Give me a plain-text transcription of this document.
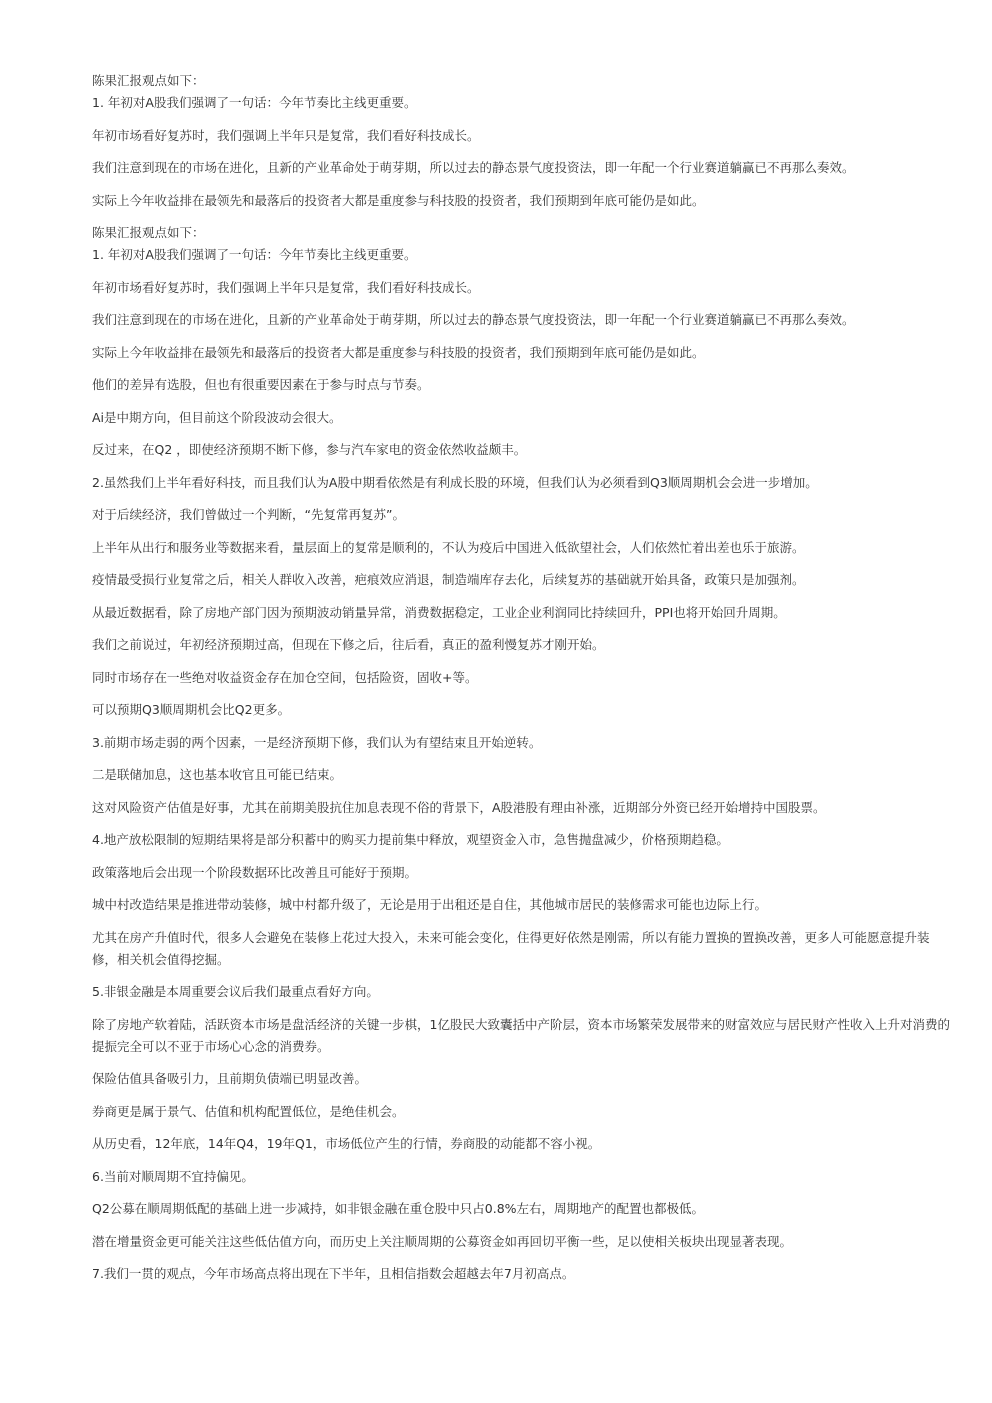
陈果汇报观点如下：

1. 年初对A股我们强调了一句话：今年节奏比主线更重要。

年初市场看好复苏时，我们强调上半年只是复常，我们看好科技成长。

我们注意到现在的市场在进化，且新的产业革命处于萌芽期，所以过去的静态景气度投资法，即一年配一个行业赛道躺赢已不再那么奏效。

实际上今年收益排在最领先和最落后的投资者大都是重度参与科技股的投资者，我们预期到年底可能仍是如此。

陈果汇报观点如下：

1. 年初对A股我们强调了一句话：今年节奏比主线更重要。

年初市场看好复苏时，我们强调上半年只是复常，我们看好科技成长。

我们注意到现在的市场在进化，且新的产业革命处于萌芽期，所以过去的静态景气度投资法，即一年配一个行业赛道躺赢已不再那么奏效。

实际上今年收益排在最领先和最落后的投资者大都是重度参与科技股的投资者，我们预期到年底可能仍是如此。

他们的差异有选股，但也有很重要因素在于参与时点与节奏。

Ai是中期方向，但目前这个阶段波动会很大。

反过来，在Q2 ，即使经济预期不断下修，参与汽车家电的资金依然收益颇丰。

2.虽然我们上半年看好科技，而且我们认为A股中期看依然是有利成长股的环境，但我们认为必须看到Q3顺周期机会会进一步增加。

对于后续经济，我们曾做过一个判断，“先复常再复苏”。

上半年从出行和服务业等数据来看，量层面上的复常是顺利的，不认为疫后中国进入低欲望社会，人们依然忙着出差也乐于旅游。

疫情最受损行业复常之后，相关人群收入改善，疤痕效应消退，制造端库存去化，后续复苏的基础就开始具备，政策只是加强剂。

从最近数据看，除了房地产部门因为预期波动销量异常，消费数据稳定，工业企业利润同比持续回升，PPI也将开始回升周期。

我们之前说过，年初经济预期过高，但现在下修之后，往后看，真正的盈利慢复苏才刚开始。

同时市场存在一些绝对收益资金存在加仓空间，包括险资，固收+等。

可以预期Q3顺周期机会比Q2更多。

3.前期市场走弱的两个因素，一是经济预期下修，我们认为有望结束且开始逆转。

二是联储加息，这也基本收官且可能已结束。

这对风险资产估值是好事，尤其在前期美股抗住加息表现不俗的背景下，A股港股有理由补涨，近期部分外资已经开始增持中国股票。

4.地产放松限制的短期结果将是部分积蓄中的购买力提前集中释放，观望资金入市，急售抛盘减少，价格预期趋稳。

政策落地后会出现一个阶段数据环比改善且可能好于预期。

城中村改造结果是推进带动装修，城中村都升级了，无论是用于出租还是自住，其他城市居民的装修需求可能也边际上行。

尤其在房产升值时代，很多人会避免在装修上花过大投入，未来可能会变化，住得更好依然是刚需，所以有能力置换的置换改善，更多人可能愿意提升装修，相关机会值得挖掘。

5.非银金融是本周重要会议后我们最重点看好方向。

除了房地产软着陆，活跃资本市场是盘活经济的关键一步棋，1亿股民大致囊括中产阶层，资本市场繁荣发展带来的财富效应与居民财产性收入上升对消费的提振完全可以不亚于市场心心念的消费券。

保险估值具备吸引力，且前期负债端已明显改善。

券商更是属于景气、估值和机构配置低位，是绝佳机会。

从历史看，12年底，14年Q4，19年Q1，市场低位产生的行情，券商股的动能都不容小视。

6.当前对顺周期不宜持偏见。

Q2公募在顺周期低配的基础上进一步减持，如非银金融在重仓股中只占0.8%左右，周期地产的配置也都极低。

潜在增量资金更可能关注这些低估值方向，而历史上关注顺周期的公募资金如再回切平衡一些，足以使相关板块出现显著表现。

7.我们一贯的观点，今年市场高点将出现在下半年，且相信指数会超越去年7月初高点。
